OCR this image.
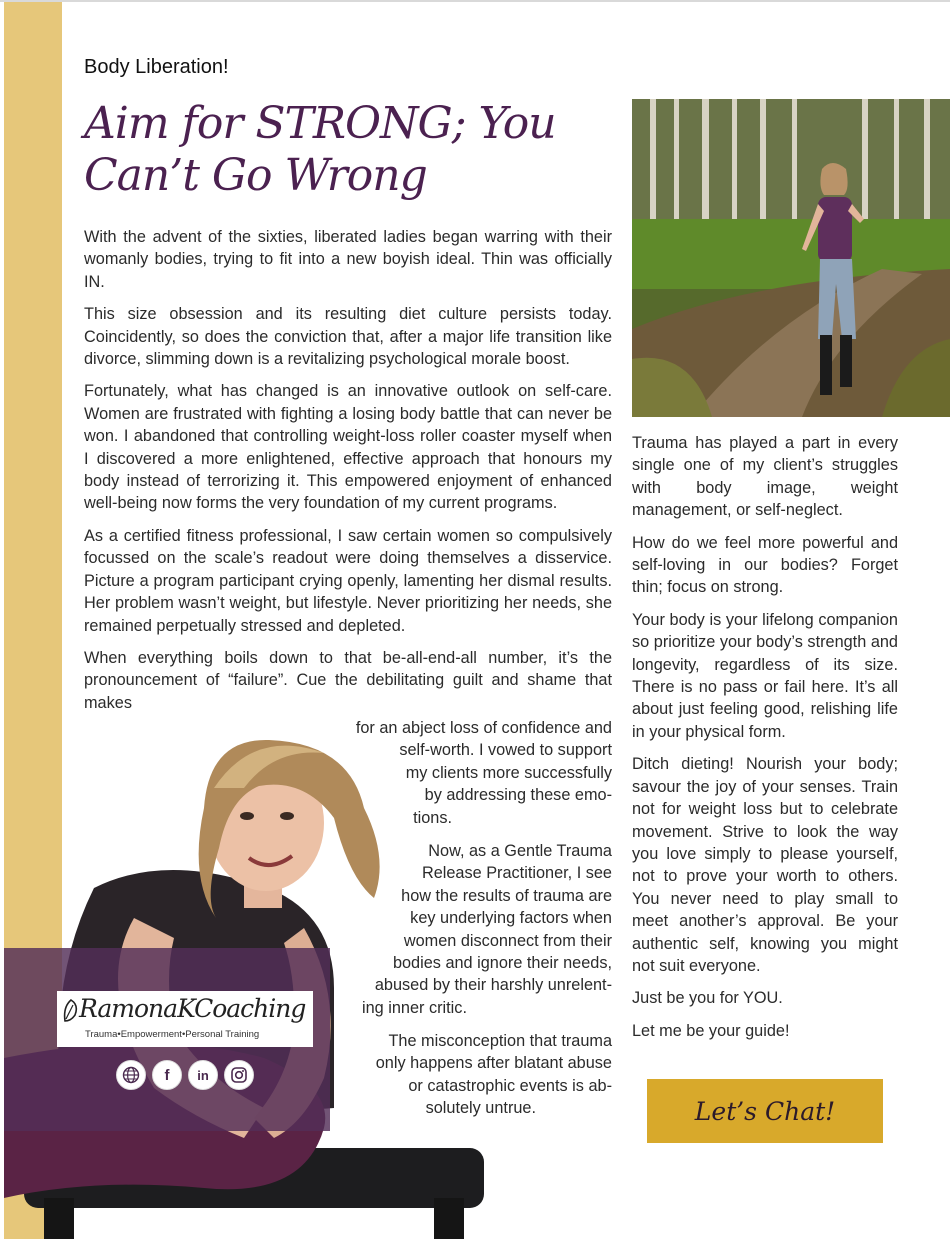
Body Liberation!
Aim for STRONG; You Can’t Go Wrong

With the advent of the sixties, liberated ladies began warring with their womanly bodies, trying to fit into a new boyish ideal. Thin was officially IN.

This size obsession and its resulting diet culture persists today. Coincidently, so does the conviction that, after a major life transition like divorce, slimming down is a revitalizing psychological morale boost.

Fortunately, what has changed is an innovative outlook on self-care. Women are frustrated with fighting a losing body battle that can never be won. I abandoned that controlling weight-loss roller coaster myself when I discovered a more enlightened, effective approach that honours my body instead of terrorizing it. This empowered enjoyment of enhanced well-being now forms the very foundation of my current programs.

As a certified fitness professional, I saw certain women so compulsively focussed on the scale’s readout were doing themselves a disservice. Picture a program participant crying openly, lamenting her dismal results. Her problem wasn’t weight, but lifestyle. Never prioritizing her needs, she remained perpetually stressed and depleted.

When everything boils down to that be-all-end-all number, it’s the pronouncement of “failure”. Cue the debilitating guilt and shame that makes

RamonaKCoaching
Trauma•Empowerment•Personal Training
f	in
for an abject loss of confidence and
self-worth. I vowed to support
my clients more successfully
by addressing these emo-
tions.
Now, as a Gentle Trauma
Release Practitioner, I see
how the results of trauma are
key underlying factors when
women disconnect from their
bodies and ignore their needs,
abused by their harshly unrelent-
ing inner critic.
The misconception that trauma
only happens after blatant abuse
or catastrophic events is ab-
solutely untrue.

Trauma has played a part in every single one of my client’s struggles with body image, weight management, or self-neglect.

How do we feel more powerful and self-loving in our bodies? Forget thin; focus on strong.

Your body is your lifelong companion so prioritize your body’s strength and longevity, regardless of its size. There is no pass or fail here. It’s all about just feeling good, relishing life in your physical form.

Ditch dieting! Nourish your body; savour the joy of your senses. Train not for weight loss but to celebrate movement. Strive to look the way you love simply to please yourself, not to prove your worth to others. You never need to play small to meet another’s approval. Be your authentic self, knowing you might not suit everyone.

Just be you for YOU.

Let me be your guide!

Let’s Chat!
